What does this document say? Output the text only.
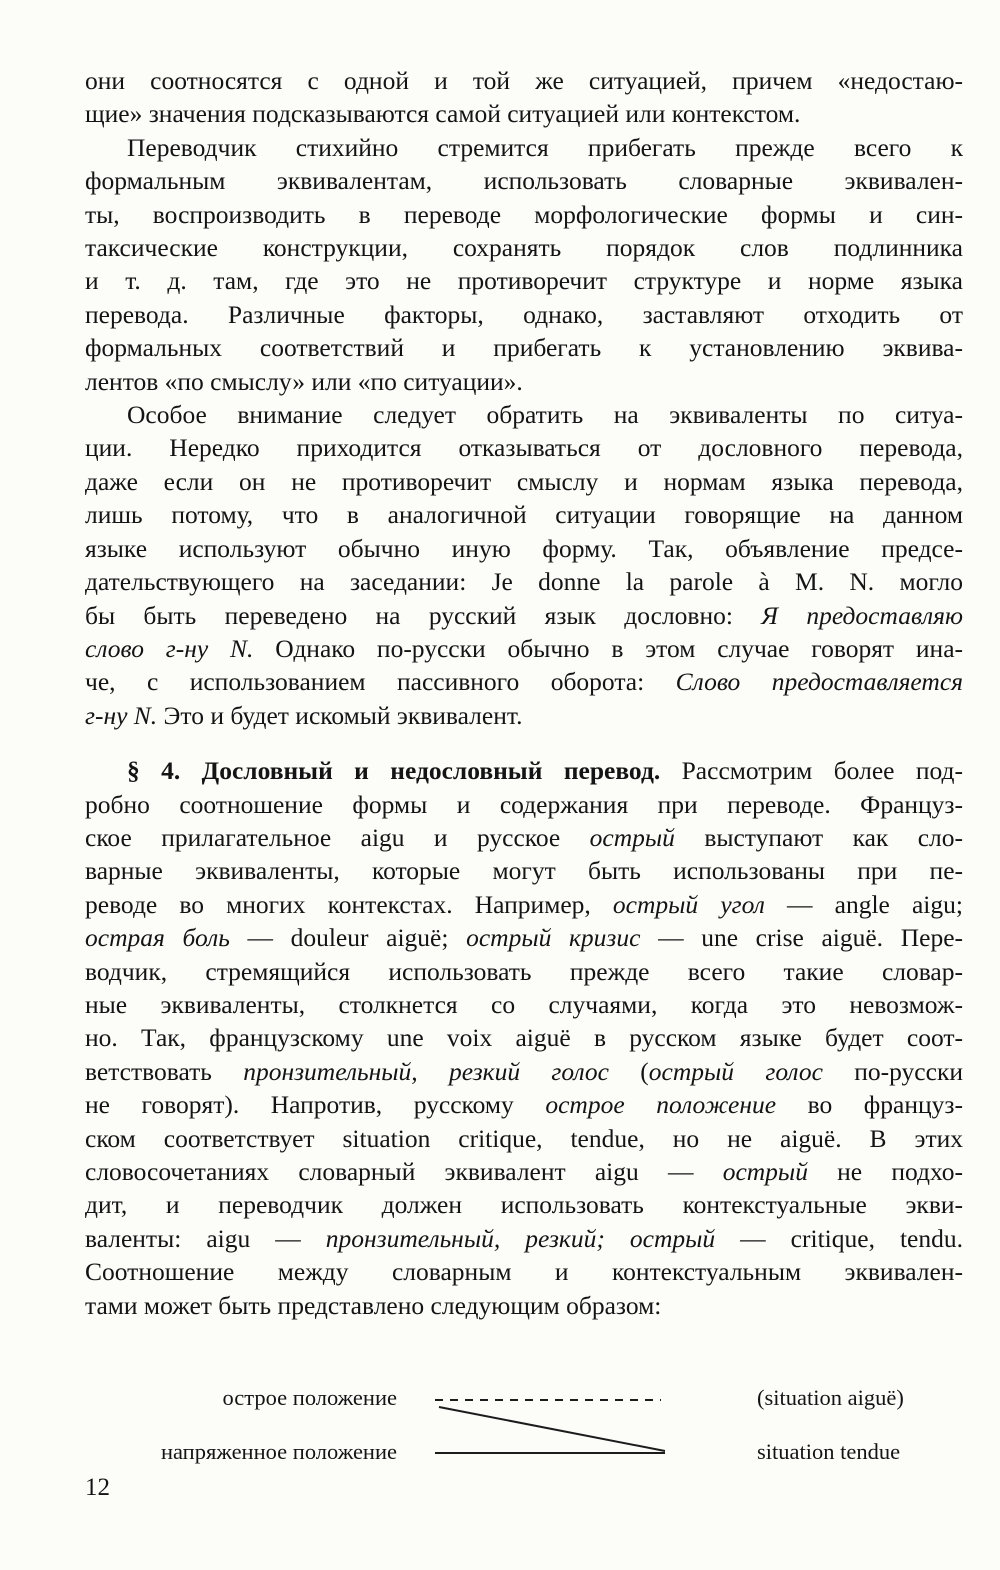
они соотносятся с одной и той же ситуацией, причем «недостаю-
щие» значения подсказываются самой ситуацией или контекстом.
Переводчик стихийно стремится прибегать прежде всего к
формальным эквивалентам, использовать словарные эквивален-
ты, воспроизводить в переводе морфологические формы и син-
таксические конструкции, сохранять порядок слов подлинника
и т. д. там, где это не противоречит структуре и норме языка
перевода. Различные факторы, однако, заставляют отходить от
формальных соответствий и прибегать к установлению эквива-
лентов «по смыслу» или «по ситуации».
Особое внимание следует обратить на эквиваленты по ситуа-
ции. Нередко приходится отказываться от дословного перевода,
даже если он не противоречит смыслу и нормам языка перевода,
лишь потому, что в аналогичной ситуации говорящие на данном
языке используют обычно иную форму. Так, объявление предсе-
дательствующего на заседании: Je donne la parole à M. N. могло
бы быть переведено на русский язык дословно: Я предоставляю
слово г-ну N. Однако по-русски обычно в этом случае говорят ина-
че, с использованием пассивного оборота: Слово предоставляется
г-ну N. Это и будет искомый эквивалент.
§ 4. Дословный и недословный перевод. Рассмотрим более под-
робно соотношение формы и содержания при переводе. Француз-
ское прилагательное aigu и русское острый выступают как сло-
варные эквиваленты, которые могут быть использованы при пе-
реводе во многих контекстах. Например, острый угол — angle aigu;
острая боль — douleur aiguë; острый кризис — une crise aiguë. Пере-
водчик, стремящийся использовать прежде всего такие словар-
ные эквиваленты, столкнется со случаями, когда это невозмож-
но. Так, французскому une voix aiguë в русском языке будет соот-
ветствовать пронзительный, резкий голос (острый голос по-русски
не говорят). Напротив, русскому острое положение во француз-
ском соответствует situation critique, tendue, но не aiguë. В этих
словосочетаниях словарный эквивалент aigu — острый не подхо-
дит, и переводчик должен использовать контекстуальные экви-
валенты: aigu — пронзительный, резкий; острый — critique, tendu.
Соотношение между словарным и контекстуальным эквивален-
тами может быть представлено следующим образом:
острое положение	(situation aiguë)
напряженное положение	situation tendue
12
